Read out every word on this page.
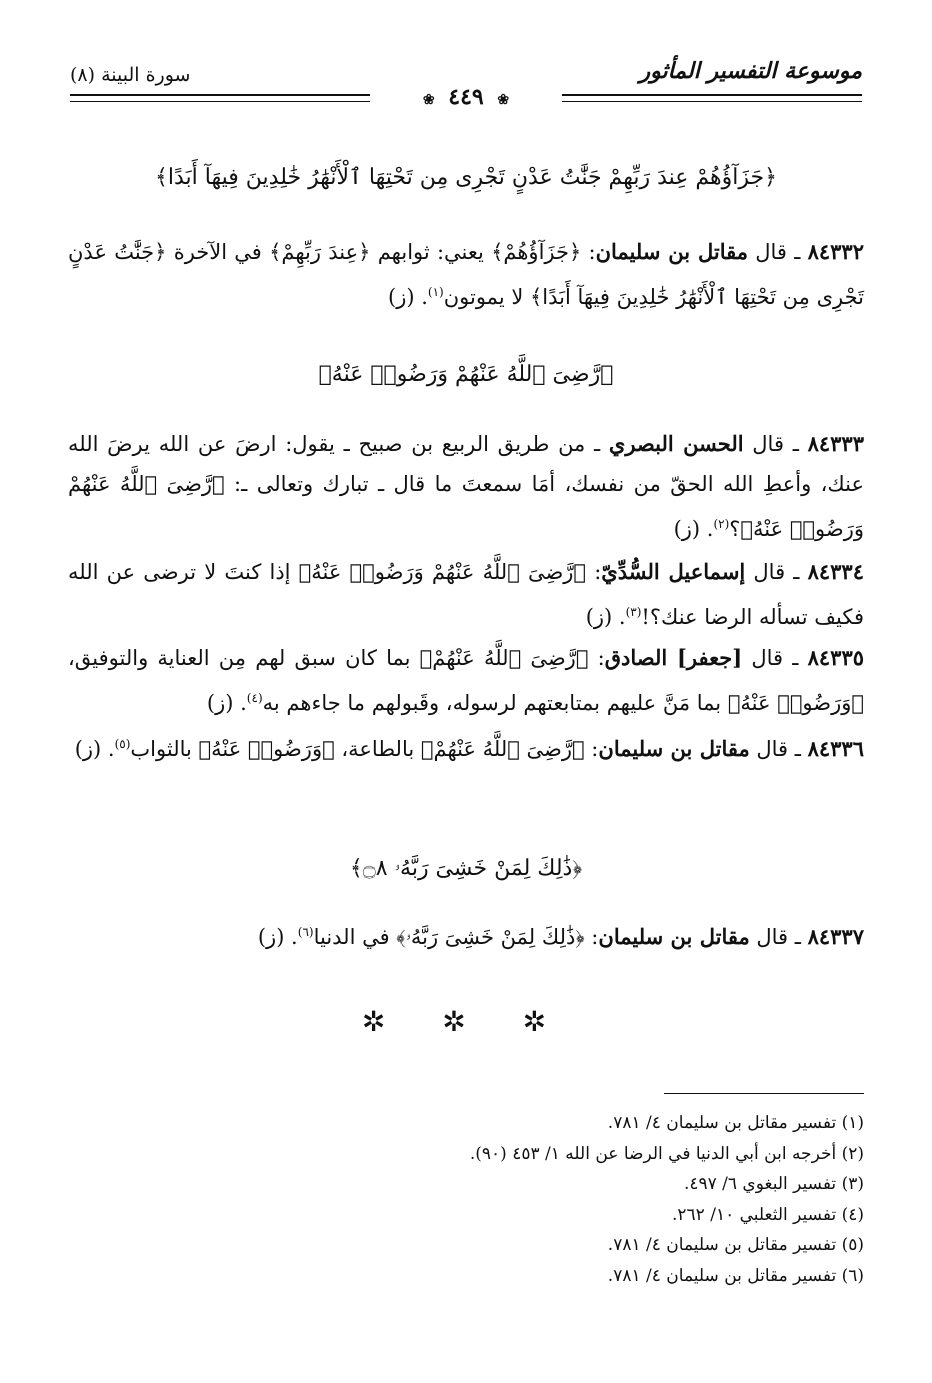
موسوعة التفسير المأثور
سورة البينة (٨)
❀ ٤٤٩ ❀
﴿جَزَآؤُهُمْ عِندَ رَبِّهِمْ جَنَّٰتُ عَدْنٍ تَجْرِى مِن تَحْتِهَا ٱلْأَنْهَٰرُ خَٰلِدِينَ فِيهَآ أَبَدًا﴾
٨٤٣٣٢ ـ قال مقاتل بن سليمان: ﴿جَزَآؤُهُمْ﴾ يعني: ثوابهم ﴿عِندَ رَبِّهِمْ﴾ في الآخرة ﴿جَنَّٰتُ عَدْنٍ تَجْرِى مِن تَحْتِهَا ٱلْأَنْهَٰرُ خَٰلِدِينَ فِيهَآ أَبَدًا﴾ لا يموتون$^{(١)}$. (ز)
﴿رَّضِىَ ٱللَّهُ عَنْهُمْ وَرَضُوا۟ عَنْهُ﴾
٨٤٣٣٣ ـ قال الحسن البصري ـ من طريق الربيع بن صبيح ـ يقول: ارضَ عن الله يرضَ الله عنك، وأعطِ الله الحقّ من نفسك، أمَا سمعتَ ما قال ـ تبارك وتعالى ـ: ﴿رَّضِىَ ٱللَّهُ عَنْهُمْ وَرَضُوا۟ عَنْهُ﴾؟$^{(٢)}$. (ز)
٨٤٣٣٤ ـ قال إسماعيل السُّدِّيّ: ﴿رَّضِىَ ٱللَّهُ عَنْهُمْ وَرَضُوا۟ عَنْهُ﴾ إذا كنتَ لا ترضى عن الله فكيف تسأله الرضا عنك؟!$^{(٣)}$. (ز)
٨٤٣٣٥ ـ قال [جعفر] الصادق: ﴿رَّضِىَ ٱللَّهُ عَنْهُمْ﴾ بما كان سبق لهم مِن العناية والتوفيق، ﴿وَرَضُوا۟ عَنْهُ﴾ بما مَنَّ عليهم بمتابعتهم لرسوله، وقَبولهم ما جاءهم به$^{(٤)}$. (ز)
٨٤٣٣٦ ـ قال مقاتل بن سليمان: ﴿رَّضِىَ ٱللَّهُ عَنْهُمْ﴾ بالطاعة، ﴿وَرَضُوا۟ عَنْهُ﴾ بالثواب$^{(٥)}$. (ز)
﴿ذَٰلِكَ لِمَنْ خَشِىَ رَبَّهُۥ ۝٨﴾
٨٤٣٣٧ ـ قال مقاتل بن سليمان: ﴿ذَٰلِكَ لِمَنْ خَشِىَ رَبَّهُۥ﴾ في الدنيا$^{(٦)}$. (ز)
✲ ✲ ✲
(١) تفسير مقاتل بن سليمان ٤/ ٧٨١.
(٢) أخرجه ابن أبي الدنيا في الرضا عن الله ١/ ٤٥٣ (٩٠).
(٣) تفسير البغوي ٦/ ٤٩٧.
(٤) تفسير الثعلبي ١٠/ ٢٦٢.
(٥) تفسير مقاتل بن سليمان ٤/ ٧٨١.
(٦) تفسير مقاتل بن سليمان ٤/ ٧٨١.
